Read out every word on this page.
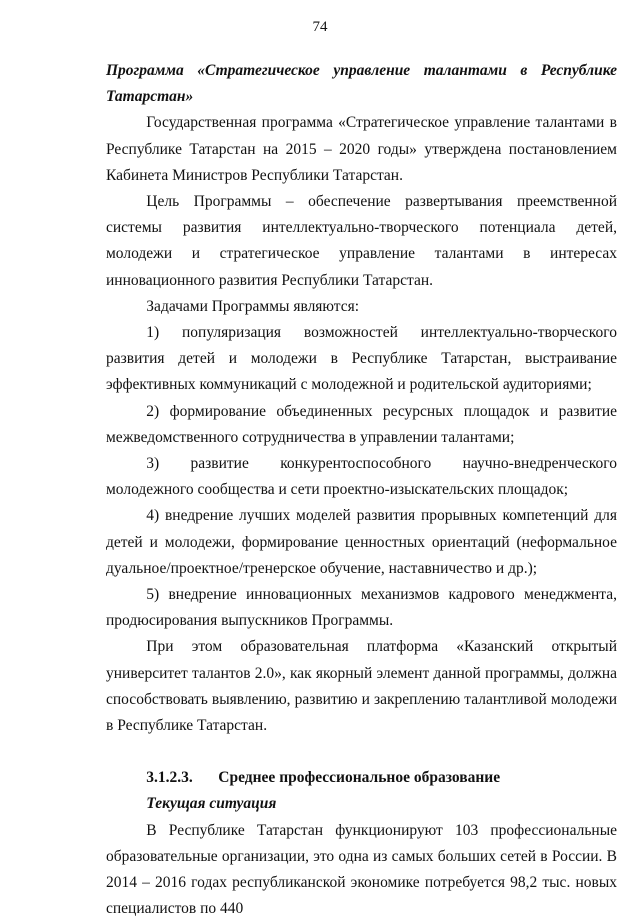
74

Программа «Стратегическое управление талантами в Республике Татарстан»

Государственная программа «Стратегическое управление талантами в Республике Татарстан на 2015 – 2020 годы» утверждена постановлением Кабинета Министров Республики Татарстан.

Цель Программы – обеспечение развертывания преемственной системы развития интеллектуально-творческого потенциала детей, молодежи и стратегическое управление талантами в интересах инновационного развития Республики Татарстан.

Задачами Программы являются:

1) популяризация возможностей интеллектуально-творческого развития детей и молодежи в Республике Татарстан, выстраивание эффективных коммуникаций с молодежной и родительской аудиториями;

2) формирование объединенных ресурсных площадок и развитие межведомственного сотрудничества в управлении талантами;

3) развитие конкурентоспособного научно-внедренческого молодежного сообщества и сети проектно-изыскательских площадок;

4) внедрение лучших моделей развития прорывных компетенций для детей и молодежи, формирование ценностных ориентаций (неформальное дуальное/проектное/тренерское обучение, наставничество и др.);

5) внедрение инновационных механизмов кадрового менеджмента, продюсирования выпускников Программы.

При этом образовательная платформа «Казанский открытый университет талантов 2.0», как якорный элемент данной программы, должна способствовать выявлению, развитию и закреплению талантливой молодежи в Республике Татарстан.

3.1.2.3. Среднее профессиональное образование

Текущая ситуация

В Республике Татарстан функционируют 103 профессиональные образовательные организации, это одна из самых больших сетей в России. В 2014 – 2016 годах республиканской экономике потребуется 98,2 тыс. новых специалистов по 440
